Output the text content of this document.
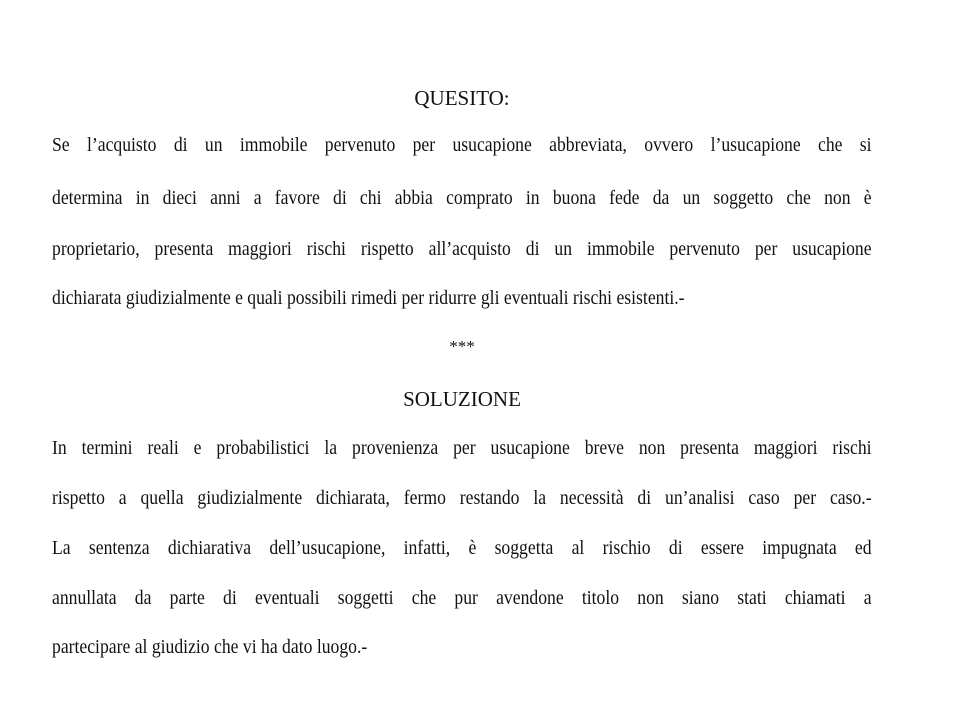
QUESITO:
Se l’acquisto di un immobile pervenuto per usucapione abbreviata, ovvero l’usucapione che si
determina in dieci anni a favore di chi abbia comprato in buona fede da un soggetto che non è
proprietario, presenta maggiori rischi rispetto all’acquisto di un immobile pervenuto per usucapione
dichiarata giudizialmente e quali possibili rimedi per ridurre gli eventuali rischi esistenti.-
***
SOLUZIONE
In termini reali e probabilistici la provenienza per usucapione breve non presenta maggiori rischi
rispetto a quella giudizialmente dichiarata, fermo restando la necessità di un’analisi caso per caso.-
La sentenza dichiarativa dell’usucapione, infatti, è soggetta al rischio di essere impugnata ed
annullata da parte di eventuali soggetti che pur avendone titolo non siano stati chiamati a
partecipare al giudizio che vi ha dato luogo.-
